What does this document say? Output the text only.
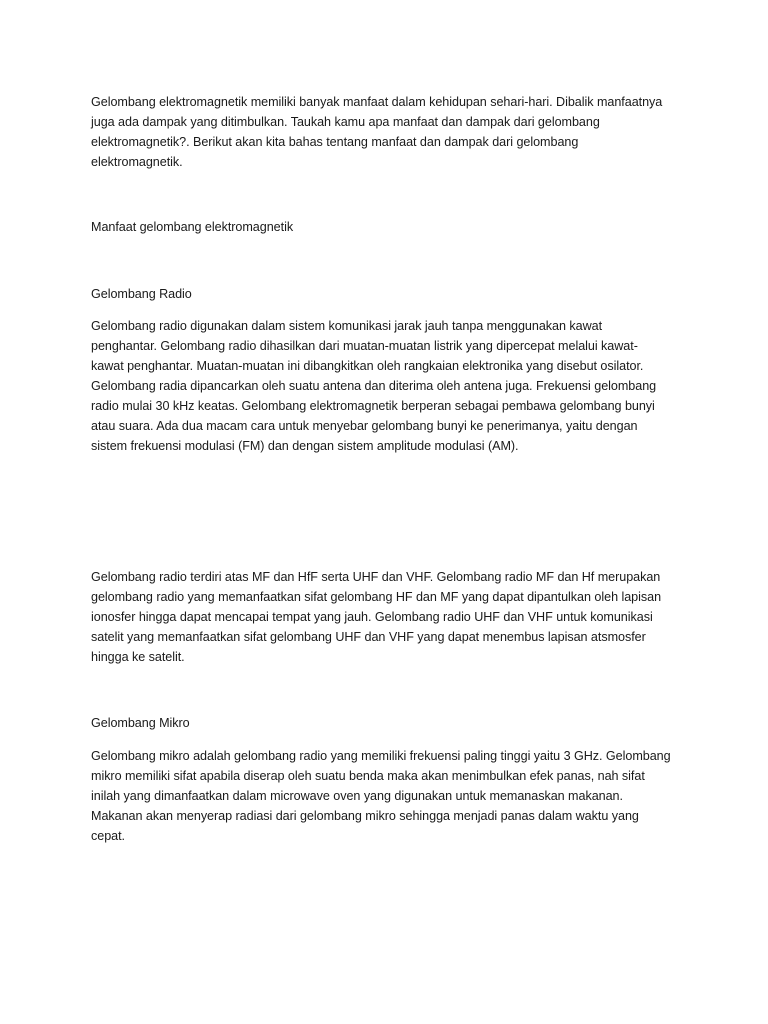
Gelombang elektromagnetik memiliki banyak manfaat dalam kehidupan sehari-hari. Dibalik manfaatnya
juga ada dampak yang ditimbulkan. Taukah kamu apa manfaat dan dampak dari gelombang
elektromagnetik?. Berikut akan kita bahas tentang manfaat dan dampak dari gelombang
elektromagnetik.

Manfaat gelombang elektromagnetik

Gelombang Radio

Gelombang radio digunakan dalam sistem komunikasi jarak jauh tanpa menggunakan kawat
penghantar. Gelombang radio dihasilkan dari muatan-muatan listrik yang dipercepat melalui kawat-
kawat penghantar. Muatan-muatan ini dibangkitkan oleh rangkaian elektronika yang disebut osilator.
Gelombang radia dipancarkan oleh suatu antena dan diterima oleh antena juga. Frekuensi gelombang
radio mulai 30 kHz keatas. Gelombang elektromagnetik berperan sebagai pembawa gelombang bunyi
atau suara. Ada dua macam cara untuk menyebar gelombang bunyi ke penerimanya, yaitu dengan
sistem frekuensi modulasi (FM) dan dengan sistem amplitude modulasi (AM).

Gelombang radio terdiri atas MF dan HfF serta UHF dan VHF. Gelombang radio MF dan Hf merupakan
gelombang radio yang memanfaatkan sifat gelombang HF dan MF yang dapat dipantulkan oleh lapisan
ionosfer hingga dapat mencapai tempat yang jauh. Gelombang radio UHF dan VHF untuk komunikasi
satelit yang memanfaatkan sifat gelombang UHF dan VHF yang dapat menembus lapisan atsmosfer
hingga ke satelit.

Gelombang Mikro

Gelombang mikro adalah gelombang radio yang memiliki frekuensi paling tinggi yaitu 3 GHz. Gelombang
mikro memiliki sifat apabila diserap oleh suatu benda maka akan menimbulkan efek panas, nah sifat
inilah yang dimanfaatkan dalam microwave oven yang digunakan untuk memanaskan makanan.
Makanan akan menyerap radiasi dari gelombang mikro sehingga menjadi panas dalam waktu yang
cepat.
